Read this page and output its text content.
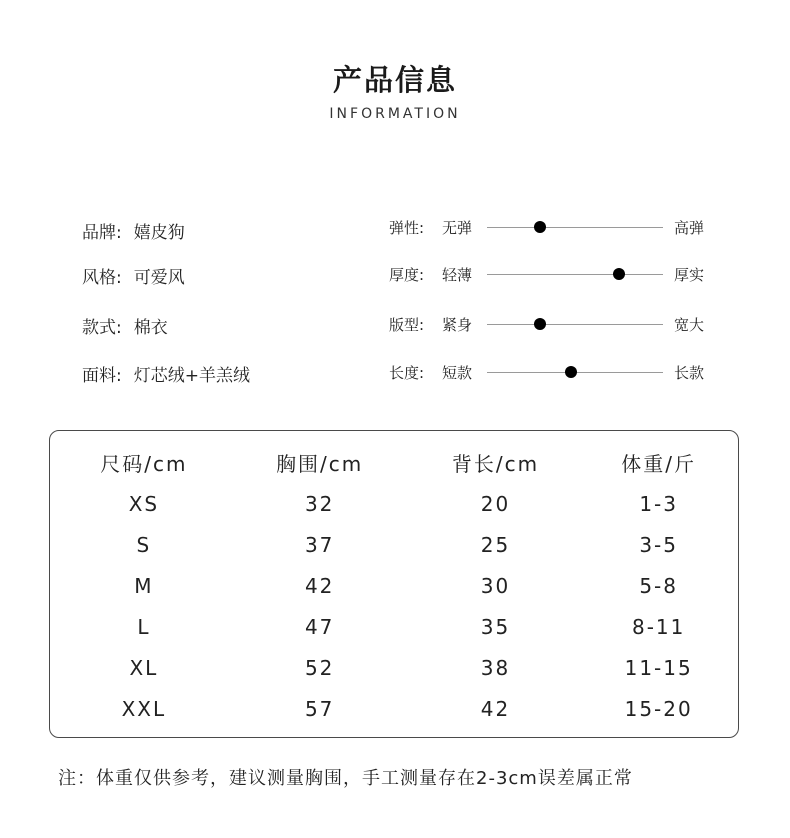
产品信息
INFORMATION
品牌: 嬉皮狗
风格: 可爱风
款式: 棉衣
面料: 灯芯绒+羊羔绒
弹性: 无弹	高弹
厚度: 轻薄	厚实
版型: 紧身	宽大
长度: 短款	长款
尺码/cm	胸围/cm	背长/cm	体重/斤
XS	32	20	1-3
S	37	25	3-5
M	42	30	5-8
L	47	35	8-11
XL	52	38	11-15
XXL	57	42	15-20
注：体重仅供参考，建议测量胸围，手工测量存在2-3cm误差属正常
